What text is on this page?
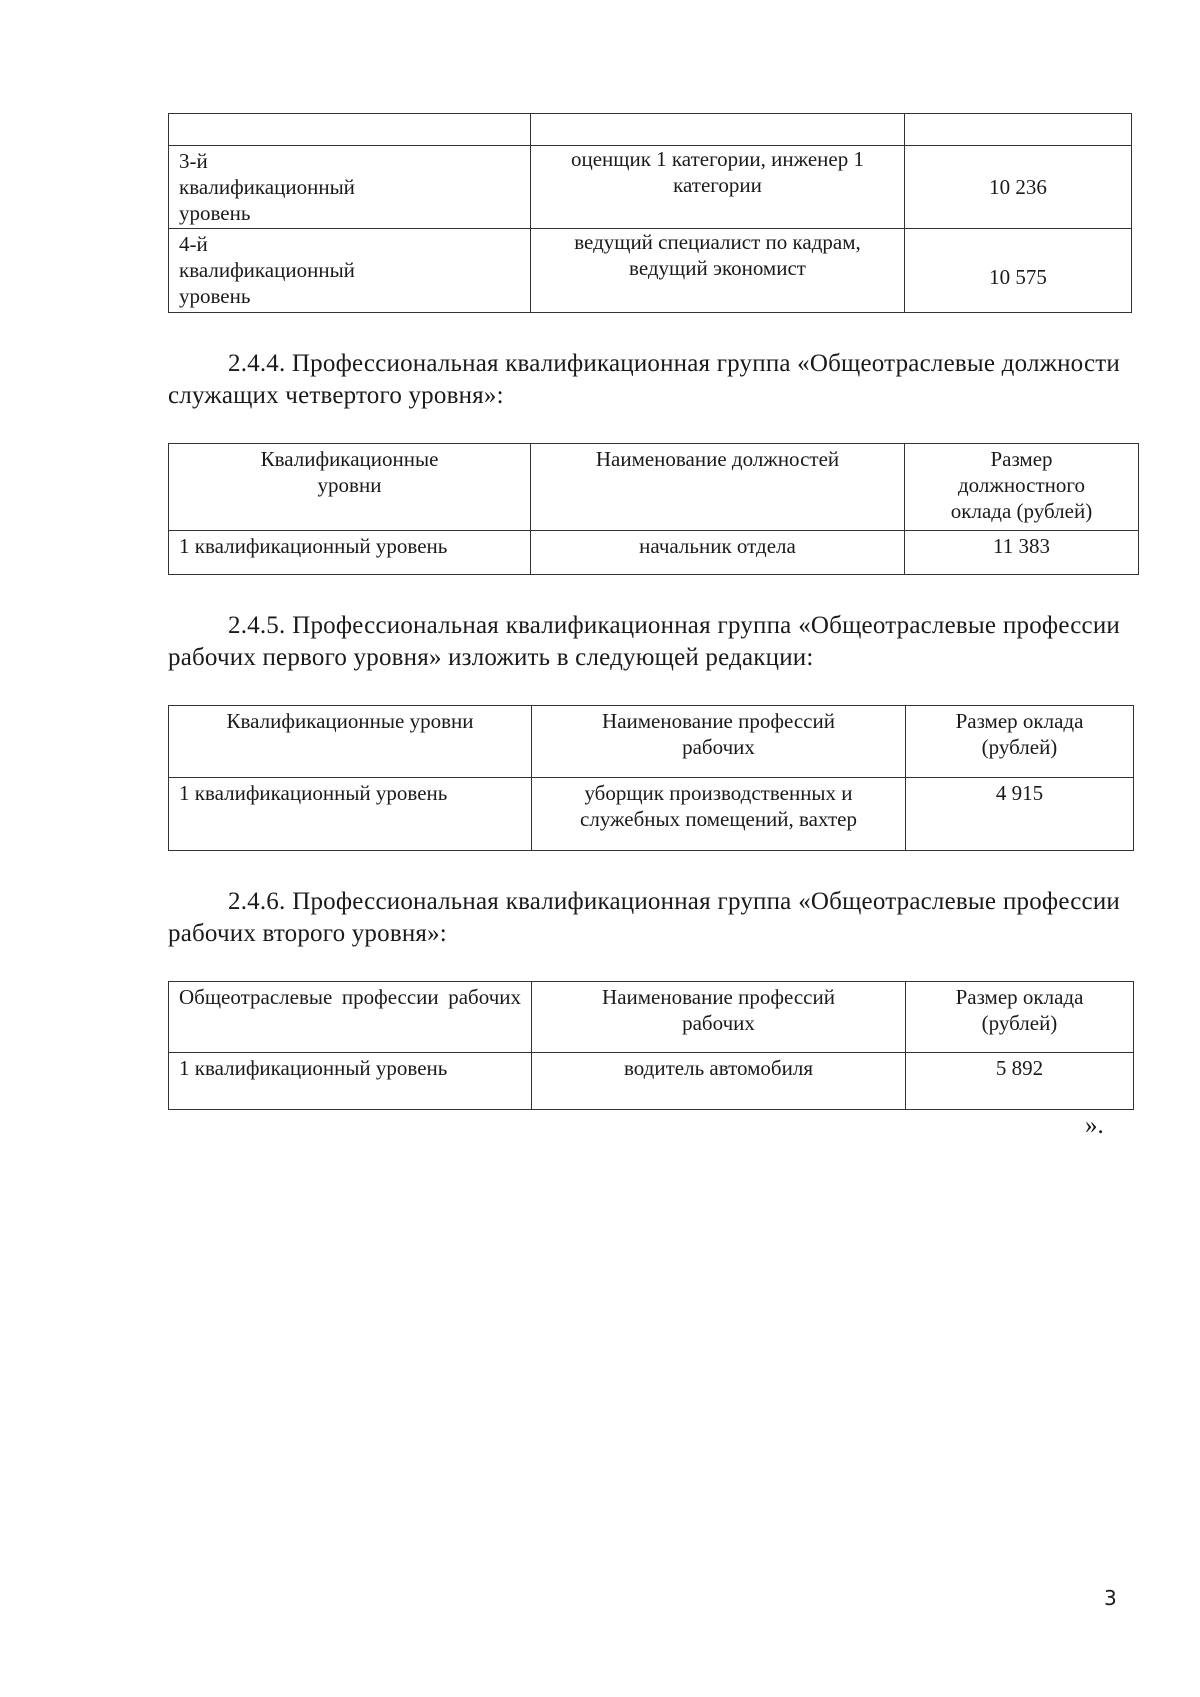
3-й квалификационный уровень	оценщик 1 категории, инженер 1 категории	10 236
4-й квалификационный уровень	ведущий специалист по кадрам, ведущий экономист	10 575

2.4.4. Профессиональная квалификационная группа «Общеотраслевые должности служащих четвертого уровня»:

Квалификационные уровни	Наименование должностей	Размер должностного оклада (рублей)
1 квалификационный уровень	начальник отдела	11 383

2.4.5. Профессиональная квалификационная группа «Общеотраслевые профессии рабочих первого уровня» изложить в следующей редакции:

Квалификационные уровни	Наименование профессий рабочих	Размер оклада (рублей)
1 квалификационный уровень	уборщик производственных и служебных помещений, вахтер	4 915

2.4.6. Профессиональная квалификационная группа «Общеотраслевые профессии рабочих второго уровня»:

Общеотраслевые профессии рабочих	Наименование профессий рабочих	Размер оклада (рублей)
1 квалификационный уровень	водитель автомобиля	5 892

».

3
